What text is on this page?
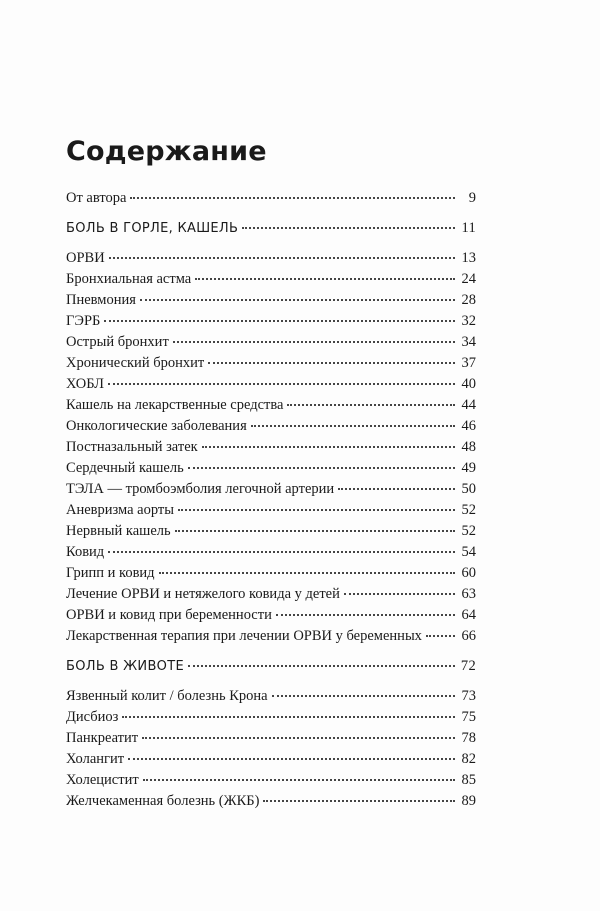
Содержание
От автора	9
БОЛЬ В ГОРЛЕ, КАШЕЛЬ	11
ОРВИ	13
Бронхиальная астма	24
Пневмония	28
ГЭРБ	32
Острый бронхит	34
Хронический бронхит	37
ХОБЛ	40
Кашель на лекарственные средства	44
Онкологические заболевания	46
Постназальный затек	48
Сердечный кашель	49
ТЭЛА — тромбоэмболия легочной артерии	50
Аневризма аорты	52
Нервный кашель	52
Ковид	54
Грипп и ковид	60
Лечение ОРВИ и нетяжелого ковида у детей	63
ОРВИ и ковид при беременности	64
Лекарственная терапия при лечении ОРВИ у беременных	66
БОЛЬ В ЖИВОТЕ	72
Язвенный колит / болезнь Крона	73
Дисбиоз	75
Панкреатит	78
Холангит	82
Холецистит	85
Желчекаменная болезнь (ЖКБ)	89
